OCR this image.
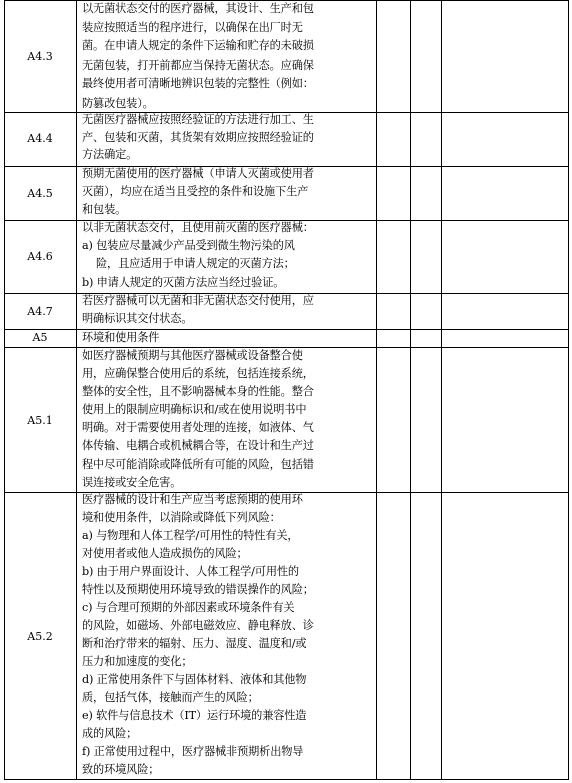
A4.3
以无菌状态交付的医疗器械，其设计、生产和包
装应按照适当的程序进行，以确保在出厂时无
菌。在申请人规定的条件下运输和贮存的未破损
无菌包装，打开前都应当保持无菌状态。应确保
最终使用者可清晰地辨识包装的完整性（例如：
防篡改包装）。
A4.4
无菌医疗器械应按照经验证的方法进行加工、生
产、包装和灭菌，其货架有效期应按照经验证的
方法确定。
A4.5
预期无菌使用的医疗器械（申请人灭菌或使用者
灭菌），均应在适当且受控的条件和设施下生产
和包装。
A4.6
以非无菌状态交付，且使用前灭菌的医疗器械：
a) 包装应尽量减少产品受到微生物污染的风
险，且应适用于申请人规定的灭菌方法；
b) 申请人规定的灭菌方法应当经过验证。
A4.7
若医疗器械可以无菌和非无菌状态交付使用，应
明确标识其交付状态。
A5	环境和使用条件
A5.1
如医疗器械预期与其他医疗器械或设备整合使
用，应确保整合使用后的系统，包括连接系统，
整体的安全性，且不影响器械本身的性能。整合
使用上的限制应明确标识和/或在使用说明书中
明确。对于需要使用者处理的连接，如液体、气
体传输、电耦合或机械耦合等，在设计和生产过
程中尽可能消除或降低所有可能的风险，包括错
误连接或安全危害。
A5.2
医疗器械的设计和生产应当考虑预期的使用环
境和使用条件，以消除或降低下列风险：
a) 与物理和人体工程学/可用性的特性有关，
对使用者或他人造成损伤的风险；
b) 由于用户界面设计、人体工程学/可用性的
特性以及预期使用环境导致的错误操作的风险；
c) 与合理可预期的外部因素或环境条件有关
的风险，如磁场、外部电磁效应、静电释放、诊
断和治疗带来的辐射、压力、湿度、温度和/或
压力和加速度的变化；
d) 正常使用条件下与固体材料、液体和其他物
质，包括气体，接触而产生的风险；
e) 软件与信息技术（IT）运行环境的兼容性造
成的风险；
f) 正常使用过程中，医疗器械非预期析出物导
致的环境风险；
